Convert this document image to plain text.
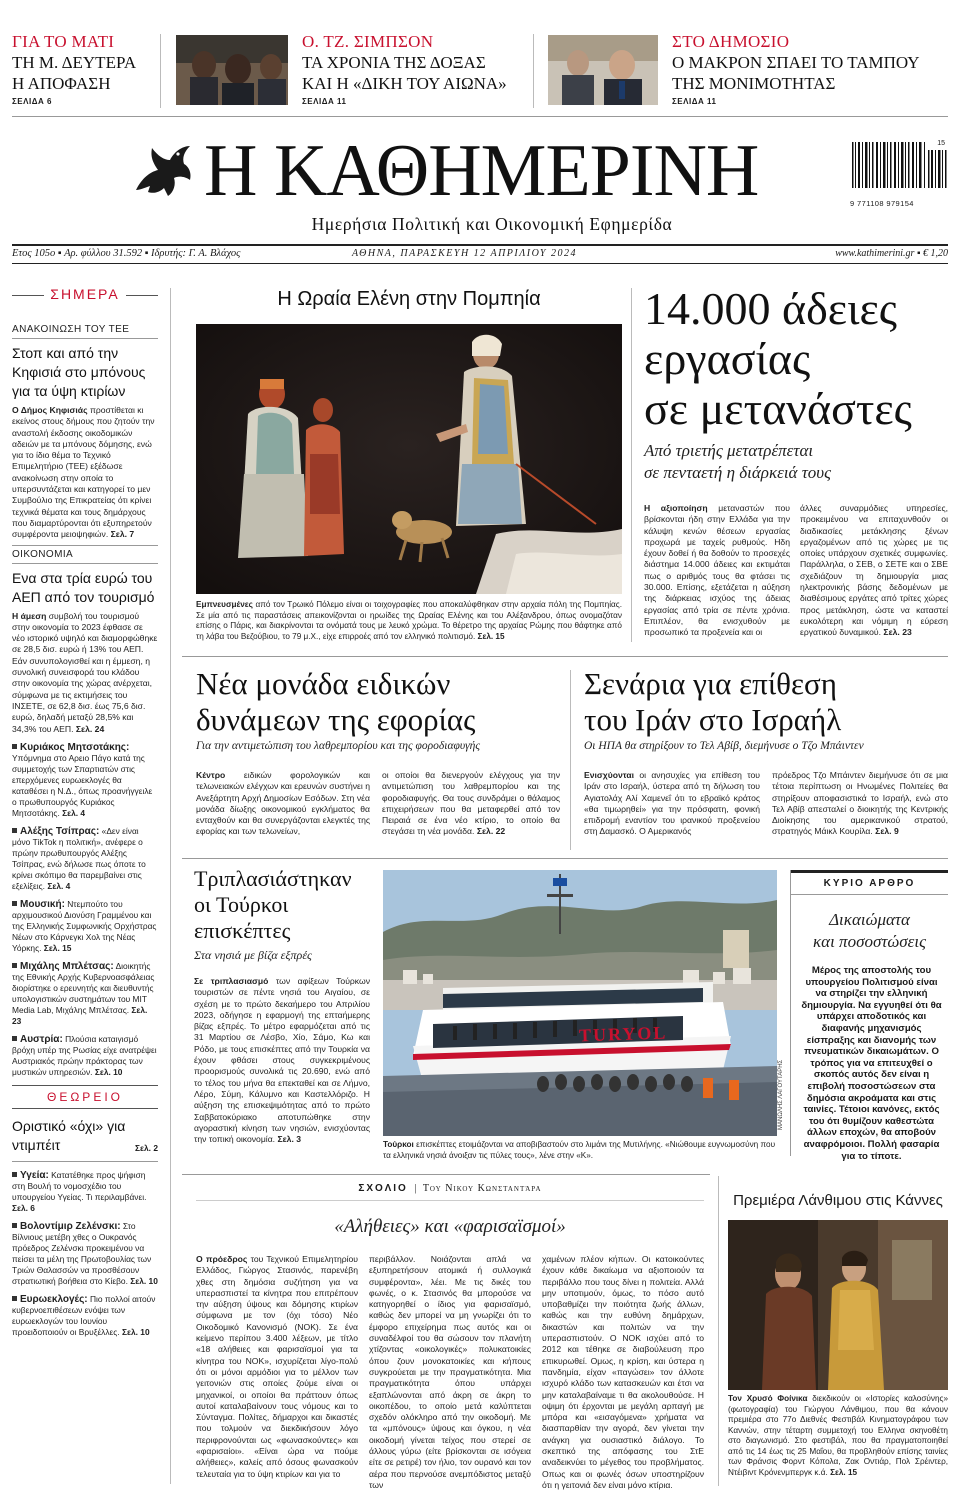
ΓΙΑ ΤΟ ΜΑΤΙ
ΤΗ Μ. ΔΕΥΤΕΡΑ
Η ΑΠΟΦΑΣΗ
ΣΕΛΙΔΑ 6
Ο. ΤΖ. ΣΙΜΠΣΟΝ
ΤΑ ΧΡΟΝΙΑ ΤΗΣ ΔΟΞΑΣ
ΚΑΙ Η «ΔΙΚΗ ΤΟΥ ΑΙΩΝΑ»
ΣΕΛΙΔΑ 11
ΣΤΟ ΔΗΜΟΣΙΟ
Ο ΜΑΚΡΟΝ ΣΠΑΕΙ ΤΟ ΤΑΜΠΟΥ
ΤΗΣ ΜΟΝΙΜΟΤΗΤΑΣ
ΣΕΛΙΔΑ 11
Η ΚΑΘΗΜΕΡΙΝΗ
Ημερήσια Πολιτική και Οικονομική Εφημερίδα
15
9 771108 979154
Ετος 105ο ▪ Αρ. φύλλου 31.592 ▪ Ιδρυτής: Γ. Α. Βλάχος	ΑΘΗΝΑ, ΠΑΡΑΣΚΕΥΗ 12 ΑΠΡΙΛΙΟΥ 2024	www.kathimerini.gr ▪ € 1,20
ΣΗΜΕΡΑ
ΑΝΑΚΟΙΝΩΣΗ ΤΟΥ ΤΕΕ
Στοπ και από την Κηφισιά στο μπόνους για τα ύψη κτιρίων
Ο Δήμος Κηφισιάς προστίθεται κι εκείνος στους δήμους που ζητούν την αναστολή έκδοσης οικοδομικών αδειών με τα μπόνους δόμησης, ενώ για το ίδιο θέμα το Τεχνικό Επιμελητήριο (ΤΕΕ) εξέδωσε ανακοίνωση στην οποία το υπερσυντάζεται και κατηγορεί το μεν Συμβούλιο της Επικρατείας ότι κρίνει τεχνικά θέματα και τους δημάρχους που διαμαρτύρονται ότι εξυπηρετούν συμφέροντα μειοψηφιών. Σελ. 7
ΟΙΚΟΝΟΜΙΑ
Ενα στα τρία ευρώ του ΑΕΠ από τον τουρισμό
Η άμεση συμβολή του τουρισμού στην οικονομία το 2023 έφθασε σε νέο ιστορικό υψηλό και διαμορφώθηκε σε 28,5 δισ. ευρώ ή 13% του ΑΕΠ. Εάν συνυπολογισθεί και η έμμεση, η συνολική συνεισφορά του κλάδου στην οικονομία της χώρας ανέρχεται, σύμφωνα με τις εκτιμήσεις του ΙΝΣΕΤΕ, σε 62,8 δισ. έως 75,6 δισ. ευρώ, δηλαδή μεταξύ 28,5% και 34,3% του ΑΕΠ. Σελ. 24
Κυριάκος Μητσοτάκης: Υπόμνημα στο Αρειο Πάγο κατά της συμμετοχής των Σπαρτιατών στις επερχόμενες ευρωεκλογές θα καταθέσει η Ν.Δ., όπως προανήγγειλε ο πρωθυπουργός Κυριάκος Μητσοτάκης. Σελ. 4
Αλέξης Τσίπρας: «Δεν είναι μόνο TikTok η πολιτική», ανέφερε ο πρώην πρωθυπουργός Αλέξης Τσίπρας, ενώ δήλωσε πως όποτε το κρίνει σκόπιμο θα παρεμβαίνει στις εξελίξεις. Σελ. 4
Μουσική: Ντεμπούτο του αρχιμουσικού Διονύση Γραμμένου και της Ελληνικής Συμφωνικής Ορχήστρας Νέων στο Κάρνεγκι Χολ της Νέας Υόρκης. Σελ. 15
Μιχάλης Μπλέτσας: Διοικητής της Εθνικής Αρχής Κυβερνοασφάλειας διορίστηκε ο ερευνητής και διευθυντής υπολογιστικών συστημάτων του MIT Media Lab, Μιχάλης Μπλέτσας. Σελ. 23
Αυστρία: Πλούσια καταιγισμό βρόχη υπέρ της Ρωσίας είχε ανατρέψει Αυστριακός πρώην πράκτορας των μυστικών υπηρεσιών. Σελ. 10
ΘΕΩΡΕΙΟ
Οριστικό «όχι» για ντιμπέιτ	Σελ. 2
Υγεία: Κατατέθηκε προς ψήφιση στη Βουλή το νομοσχέδιο του υπουργείου Υγείας. Τι περιλαμβάνει. Σελ. 6
Βολοντίμιρ Ζελένσκι: Στο Βίλνιους μετέβη χθες ο Ουκρανός πρόεδρος Ζελένσκι προκειμένου να πείσει τα μέλη της Πρωτοβουλίας των Τριών Θαλασσών να προσθέσουν στρατιωτική βοήθεια στο Κίεβο. Σελ. 10
Ευρωεκλογές: Πιο πολλοί αιτούν κυβερνοεπιθέσεων ενόψει των ευρωεκλογών του Ιουνίου προειδοποιούν οι Βρυξέλλες. Σελ. 10
Η Ωραία Ελένη στην Πομπηία
Εμπνευσμένες από τον Τρωικό Πόλεμο είναι οι τοιχογραφίες που αποκαλύφθηκαν στην αρχαία πόλη της Πομπηίας. Σε μία από τις παραστάσεις απεικονίζονται οι ηρωίδες της Ωραίας Ελένης και του Αλέξανδρου, όπως ονομαζόταν επίσης ο Πάρις, και διακρίνονται τα ονόματά τους με λευκό χρώμα. Το θέρετρο της αρχαίας Ρώμης που θάφτηκε από τη λάβα του Βεζούβιου, το 79 μ.Χ., είχε επιρροές από τον ελληνικό πολιτισμό. Σελ. 15
14.000 άδειες
εργασίας
σε μετανάστες
Από τριετής μετατρέπεται
σε πενταετή η διάρκειά τους
Η αξιοποίηση μεταναστών που βρίσκονται ήδη στην Ελλάδα για την κάλυψη κενών θέσεων εργασίας προχωρά με ταχείς ρυθμούς. Ηδη έχουν δοθεί ή θα δοθούν το προσεχές διάστημα 14.000 άδειες και εκτιμάται πως ο αριθμός τους θα φτάσει τις 30.000. Επίσης, εξετάζεται η αύξηση της διάρκειας ισχύος της άδειας εργασίας από τρία σε πέντε χρόνια. Επιπλέον, θα ενισχυθούν με προσωπικό τα προξενεία και οι
άλλες συναρμόδιες υπηρεσίες, προκειμένου να επιταχυνθούν οι διαδικασίες μετάκλησης ξένων εργαζομένων από τις χώρες με τις οποίες υπάρχουν σχετικές συμφωνίες. Παράλληλα, ο ΣΕΒ, ο ΣΕΤΕ και ο ΣΒΕ σχεδιάζουν τη δημιουργία μιας ηλεκτρονικής βάσης δεδομένων με διαθέσιμους εργάτες από τρίτες χώρες προς μετάκληση, ώστε να καταστεί ευκολότερη και νόμιμη η εύρεση εργατικού δυναμικού. Σελ. 23
Νέα μονάδα ειδικών
δυνάμεων της εφορίας
Για την αντιμετώπιση του λαθρεμπορίου και της φοροδιαφυγής
Κέντρο ειδικών φορολογικών και τελωνειακών ελέγχων και ερευνών συστήνει η Ανεξάρτητη Αρχή Δημοσίων Εσόδων. Στη νέα μονάδα δίωξης οικονομικού εγκλήματος θα ενταχθούν και θα συνεργάζονται ελεγκτές της εφορίας και των τελωνείων,
οι οποίοι θα διενεργούν ελέγχους για την αντιμετώπιση του λαθρεμπορίου και της φοροδιαφυγής. Θα τους συνδράμει ο θάλαμος επιχειρήσεων που θα μεταφερθεί από τον Πειραιά σε ένα νέο κτίριο, το οποίο θα στεγάσει τη νέα μονάδα. Σελ. 22
Σενάρια για επίθεση
του Ιράν στο Ισραήλ
Οι ΗΠΑ θα στηρίξουν το Τελ Αβίβ, διεμήνυσε ο Τζο Μπάιντεν
Ενισχύονται οι ανησυχίες για επίθεση του Ιράν στο Ισραήλ, ύστερα από τη δήλωση του Αγιατολάχ Αλί Χαμενεΐ ότι το εβραϊκό κράτος «θα τιμωρηθεί» για την πρόσφατη, φονική επιδρομή εναντίον του ιρανικού προξενείου στη Δαμασκό. Ο Αμερικανός
πρόεδρος Τζο Μπάιντεν διεμήνυσε ότι σε μια τέτοια περίπτωση οι Ηνωμένες Πολιτείες θα στηρίξουν αποφασιστικά το Ισραήλ, ενώ στο Τελ Αβίβ απεσταλεί ο διοικητής της Κεντρικής Διοίκησης του αμερικανικού στρατού, στρατηγός Μάικλ Κουρίλα. Σελ. 9
Τριπλασιάστηκαν
οι Τούρκοι
επισκέπτες
Στα νησιά με βίζα εξπρές
Σε τριπλασιασμό των αφίξεων Τούρκων τουριστών σε πέντε νησιά του Αιγαίου, σε σχέση με το πρώτο δεκαήμερο του Απριλίου 2023, οδήγησε η εφαρμογή της επταήμερης βίζας εξπρές. Το μέτρο εφαρμόζεται από τις 31 Μαρτίου σε Λέσβο, Χίο, Σάμο, Κω και Ρόδο, με τους επισκέπτες από την Τουρκία να έχουν φθάσει στους συγκεκριμένους προορισμούς συνολικά τις 20.690, ενώ από το τέλος του μήνα θα επεκταθεί και σε Λήμνο, Λέρο, Σύμη, Κάλυμνο και Καστελλόριζο. Η αύξηση της επισκεψιμότητας από το πρώτο Σαββατοκύριακο αποτυπώθηκε στην αγοραστική κίνηση των νησιών, ενισχύοντας την τοπική οικονομία. Σελ. 3
TURYOL
ΜΑΝΩΛΗΣ ΛΑΓΟΥΤΑΡΗΣ
Τούρκοι επισκέπτες ετοιμάζονται να αποβιβαστούν στο λιμάνι της Μυτιλήνης. «Νιώθουμε ευγνωμοσύνη που τα ελληνικά νησιά άνοιξαν τις πύλες τους», λένε στην «Κ».
ΚΥΡΙΟ ΑΡΘΡΟ
Δικαιώματα
και ποσοστώσεις
Μέρος της αποστολής του υπουργείου Πολιτισμού είναι να στηρίζει την ελληνική δημιουργία. Να εγγυηθεί ότι θα υπάρχει αποδοτικός και διαφανής μηχανισμός είσπραξης και διανομής των πνευματικών δικαιωμάτων. Ο τρόπος για να επιτευχθεί ο σκοπός αυτός δεν είναι η επιβολή ποσοστώσεων στα δημόσια ακροάματα και στις ταινίες. Τέτοιοι κανόνες, εκτός του ότι θυμίζουν καθεστώτα άλλων εποχών, θα αποβούν αναφρόμοιοι. Πολλή φασαρία για το τίποτε.
ΣΧΟΛΙΟ | Του Νικου Κωνσταντάρα
«Αλήθειες» και «φαρισαϊσμοί»
Ο πρόεδρος του Τεχνικού Επιμελητηρίου Ελλάδος, Γιώργος Στασινός, παρενέβη χθες στη δημόσια συζήτηση για να υπερασπιστεί τα κίνητρα που επιτρέπουν την αύξηση ύψους και δόμησης κτιρίων σύμφωνα με τον (όχι τόσο) Νέο Οικοδομικό Κανονισμό (ΝΟΚ). Σε ένα κείμενο περίπου 3.400 λέξεων, με τίτλο «18 αλήθειες και φαρισαϊσμοί για τα κίνητρα του ΝΟΚ», ισχυρίζεται λίγο-πολύ ότι οι μόνοι αρμόδιοι για το μέλλον των γειτονιών στις οποίες ζούμε είναι οι μηχανικοί, οι οποίοι θα πράττουν όπως αυτοί καταλαβαίνουν τους νόμους και το Σύνταγμα. Πολίτες, δήμαρχοι και δικαστές που τολμούν να διεκδικήσουν λόγο περιφρονούνται ως «φωνασκούντες» και «φαρισαίοι». «Είναι ώρα να πούμε αλήθειες», καλείς από όσους φωνασκούν τελευταία για το ύψη κτιρίων και για το
περιβάλλον. Νοιάζονται απλά να εξυπηρετήσουν ατομικά ή συλλογικά συμφέροντα», λέει. Με τις δικές του φωνές, ο κ. Στασινός θα μπορούσε να κατηγορηθεί ο ίδιος για φαρισαϊσμό, καθώς δεν μπορεί να μη γνωρίζει ότι το έμφορο επιχείρημα πως αυτός και οι συναδέλφοί του θα σώσουν τον πλανήτη χτίζοντας «οικολογικές» πολυκατοικίες όπου ζουν μονοκατοικίες και κήπους συγκρούεται με την πραγματικότητα. Μια πραγματικότητα όπου υπάρχει εξαπλώνονται από άκρη σε άκρη το οικοπέδου, το οποίο μετά καλύπτεται σχεδόν ολόκληρο από την οικοδομή. Με τα «μπόνους» ύψους και όγκου, η νέα οικοδομή γίνεται τείχος που στερεί σε άλλους γύρω (είτε βρίσκονται σε ισόγεια είτε σε ρετιρέ) τον ήλιο, τον ουρανό και τον αέρα που περνούσε ανεμπόδιστος μεταξύ των
χαμένων πλέον κήπων. Οι κατοικούντες έχουν κάθε δικαίωμα να αξιοποιούν τα περιβάλλο που τους δίνει η πολιτεία. Αλλά μην υποτιμούν, όμως, το πόσο αυτό υποβαθμίζει την ποιότητα ζωής άλλων, καθώς και την ευθύνη δημάρχων, δικαστών και πολιτών να την υπερασπιστούν. Ο ΝΟΚ ισχύει από το 2012 και τέθηκε σε διαβούλευση προ επικυρωθεί. Ομως, η κρίση, και ύστερα η πανδημία, είχαν «παγώσει» τον άλλοτε ισχυρό κλάδο των κατασκευών και έτσι να μην καταλαβαίναμε τι θα ακολουθούσε. Η οψιμη ότι έρχονται με μεγάλη αρπαγή με μπόρα και «εισαγόμενα» χρήματα να διασπαρθίαν την αγορά, δεν γίνεται την ανάγκη για ουσιαστικό διάλογο. Το σκεπτικό της απόφασης του ΣτΕ αναδεικνύει το μέγεθος του προβλήματος. Οπως και οι φωνές όσων υποστηρίζουν ότι η γειτονιά δεν είναι μόνο κτίρια.
Πρεμιέρα Λάνθιμου στις Κάννες
Τον Χρυσό Φοίνικα διεκδικούν οι «Ιστορίες καλοσύνης» (φωτογραφία) του Γιώργου Λάνθιμου, που θα κάνουν πρεμιέρα στο 77ο Διεθνές Φεστιβάλ Κινηματογράφου των Καννών, στην τέταρτη συμμετοχή του Ελληνα σκηνοθέτη στο διαγωνισμό. Στο φεστιβάλ, που θα πραγματοποιηθεί από τις 14 έως τις 25 Μαΐου, θα προβληθούν επίσης ταινίες των Φράνσις Φορντ Κόπολα, Ζακ Οντιάρ, Πολ Σρέιντερ, Ντέιβιντ Κρόνενμπεργκ κ.ά. Σελ. 15
